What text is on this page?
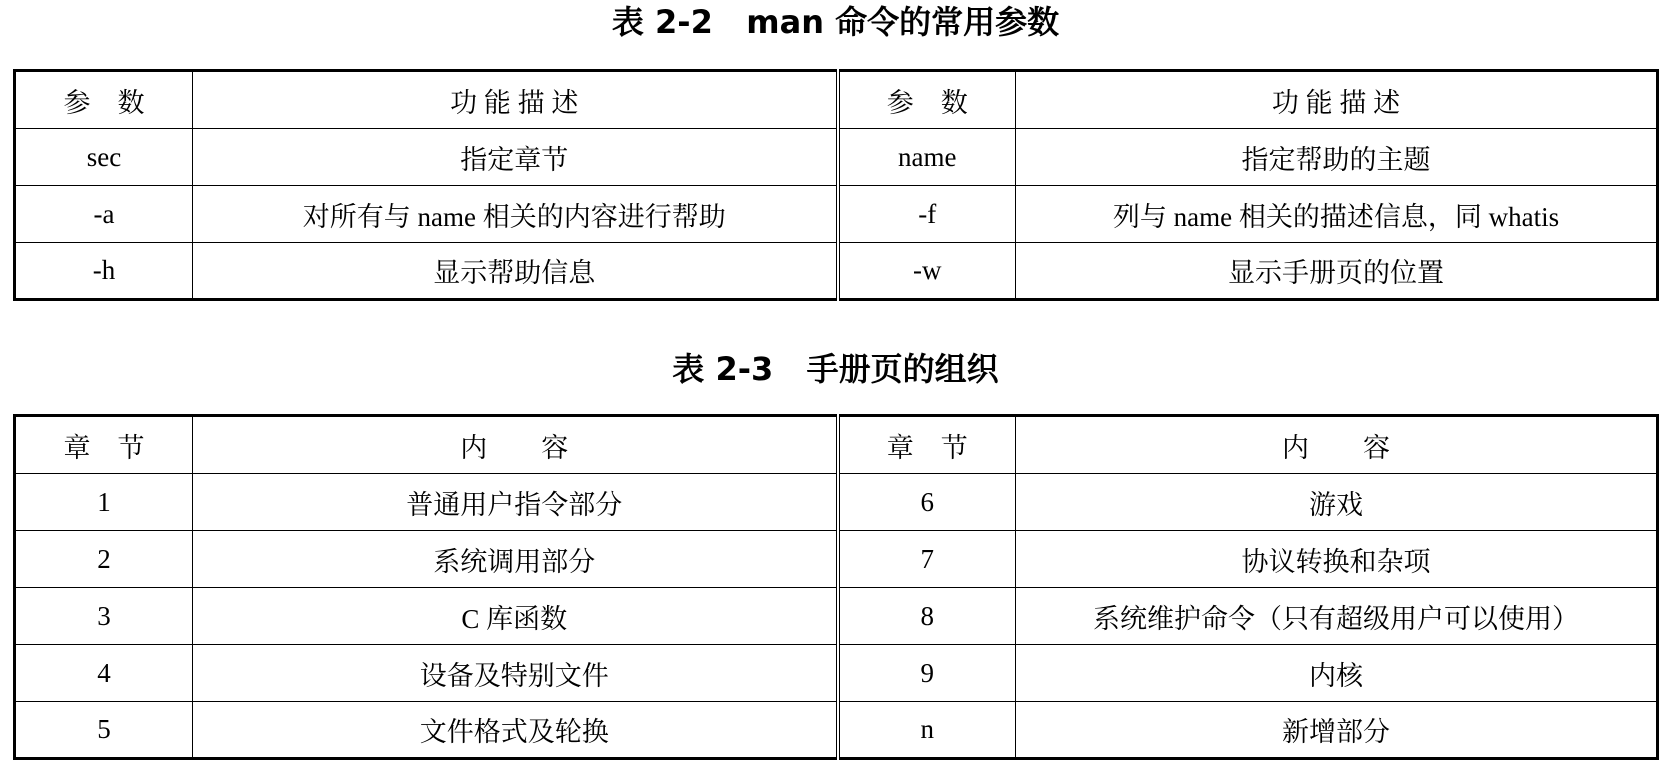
表 2-2   man 命令的常用参数
参　数	功 能 描 述	参　数	功 能 描 述
sec	指定章节	name	指定帮助的主题
-a	对所有与 name 相关的内容进行帮助	-f	列与 name 相关的描述信息，同 whatis
-h	显示帮助信息	-w	显示手册页的位置
表 2-3   手册页的组织
章　节	内　　容	章　节	内　　容
1	普通用户指令部分	6	游戏
2	系统调用部分	7	协议转换和杂项
3	C 库函数	8	系统维护命令（只有超级用户可以使用）
4	设备及特别文件	9	内核
5	文件格式及轮换	n	新增部分
